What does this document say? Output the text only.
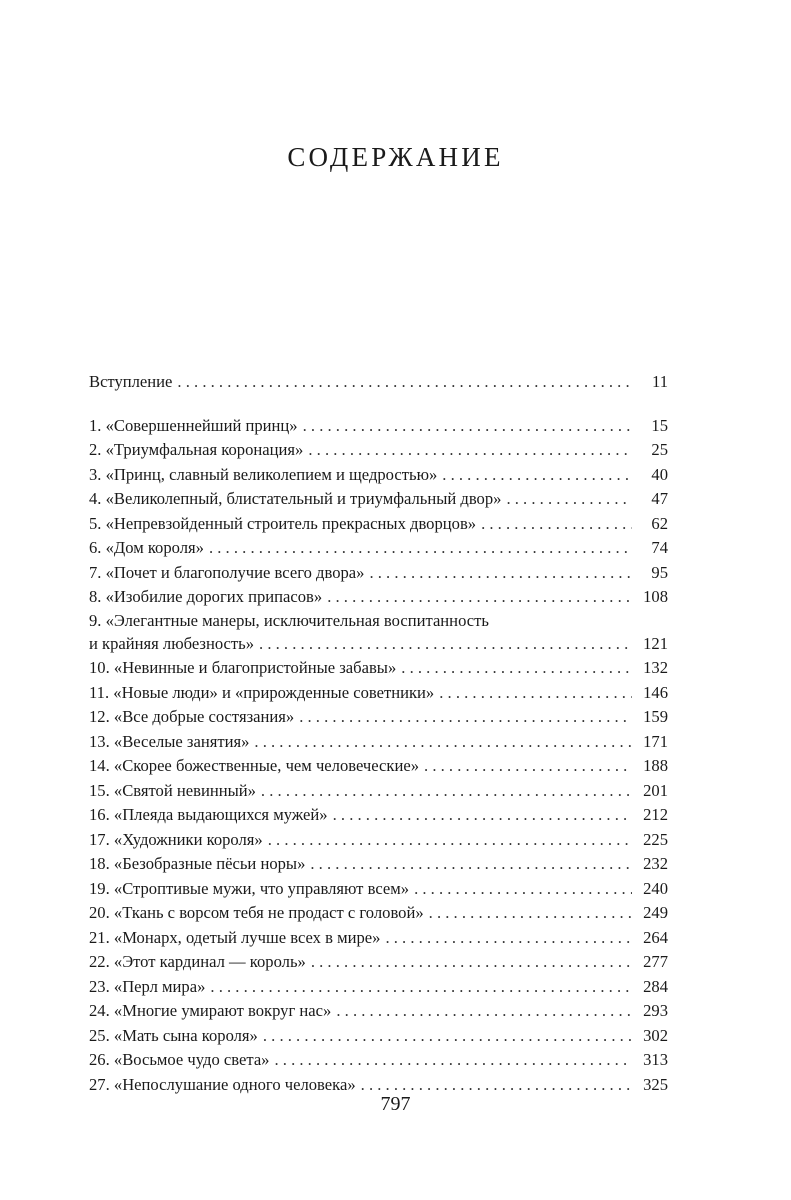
СОДЕРЖАНИЕ
Вступление . . .	11
1. «Совершеннейший принц» . . .	15
2. «Триумфальная коронация» . . .	25
3. «Принц, славный великолепием и щедростью» . . .	40
4. «Великолепный, блистательный и триумфальный двор» . . .	47
5. «Непревзойденный строитель прекрасных дворцов» . . .	62
6. «Дом короля» . . .	74
7. «Почет и благополучие всего двора» . . .	95
8. «Изобилие дорогих припасов» . . .	108
9. «Элегантные манеры, исключительная воспитанность
и крайняя любезность» . . .	121
10. «Невинные и благопристойные забавы» . . .	132
11. «Новые люди» и «прирожденные советники» . . .	146
12. «Все добрые состязания» . . .	159
13. «Веселые занятия» . . .	171
14. «Скорее божественные, чем человеческие» . . .	188
15. «Святой невинный» . . .	201
16. «Плеяда выдающихся мужей» . . .	212
17. «Художники короля» . . .	225
18. «Безобразные пёсьи норы» . . .	232
19. «Строптивые мужи, что управляют всем» . . .	240
20. «Ткань с ворсом тебя не продаст с головой» . . .	249
21. «Монарх, одетый лучше всех в мире» . . .	264
22. «Этот кардинал — король» . . .	277
23. «Перл мира» . . .	284
24. «Многие умирают вокруг нас» . . .	293
25. «Мать сына короля» . . .	302
26. «Восьмое чудо света» . . .	313
27. «Непослушание одного человека» . . .	325
797
